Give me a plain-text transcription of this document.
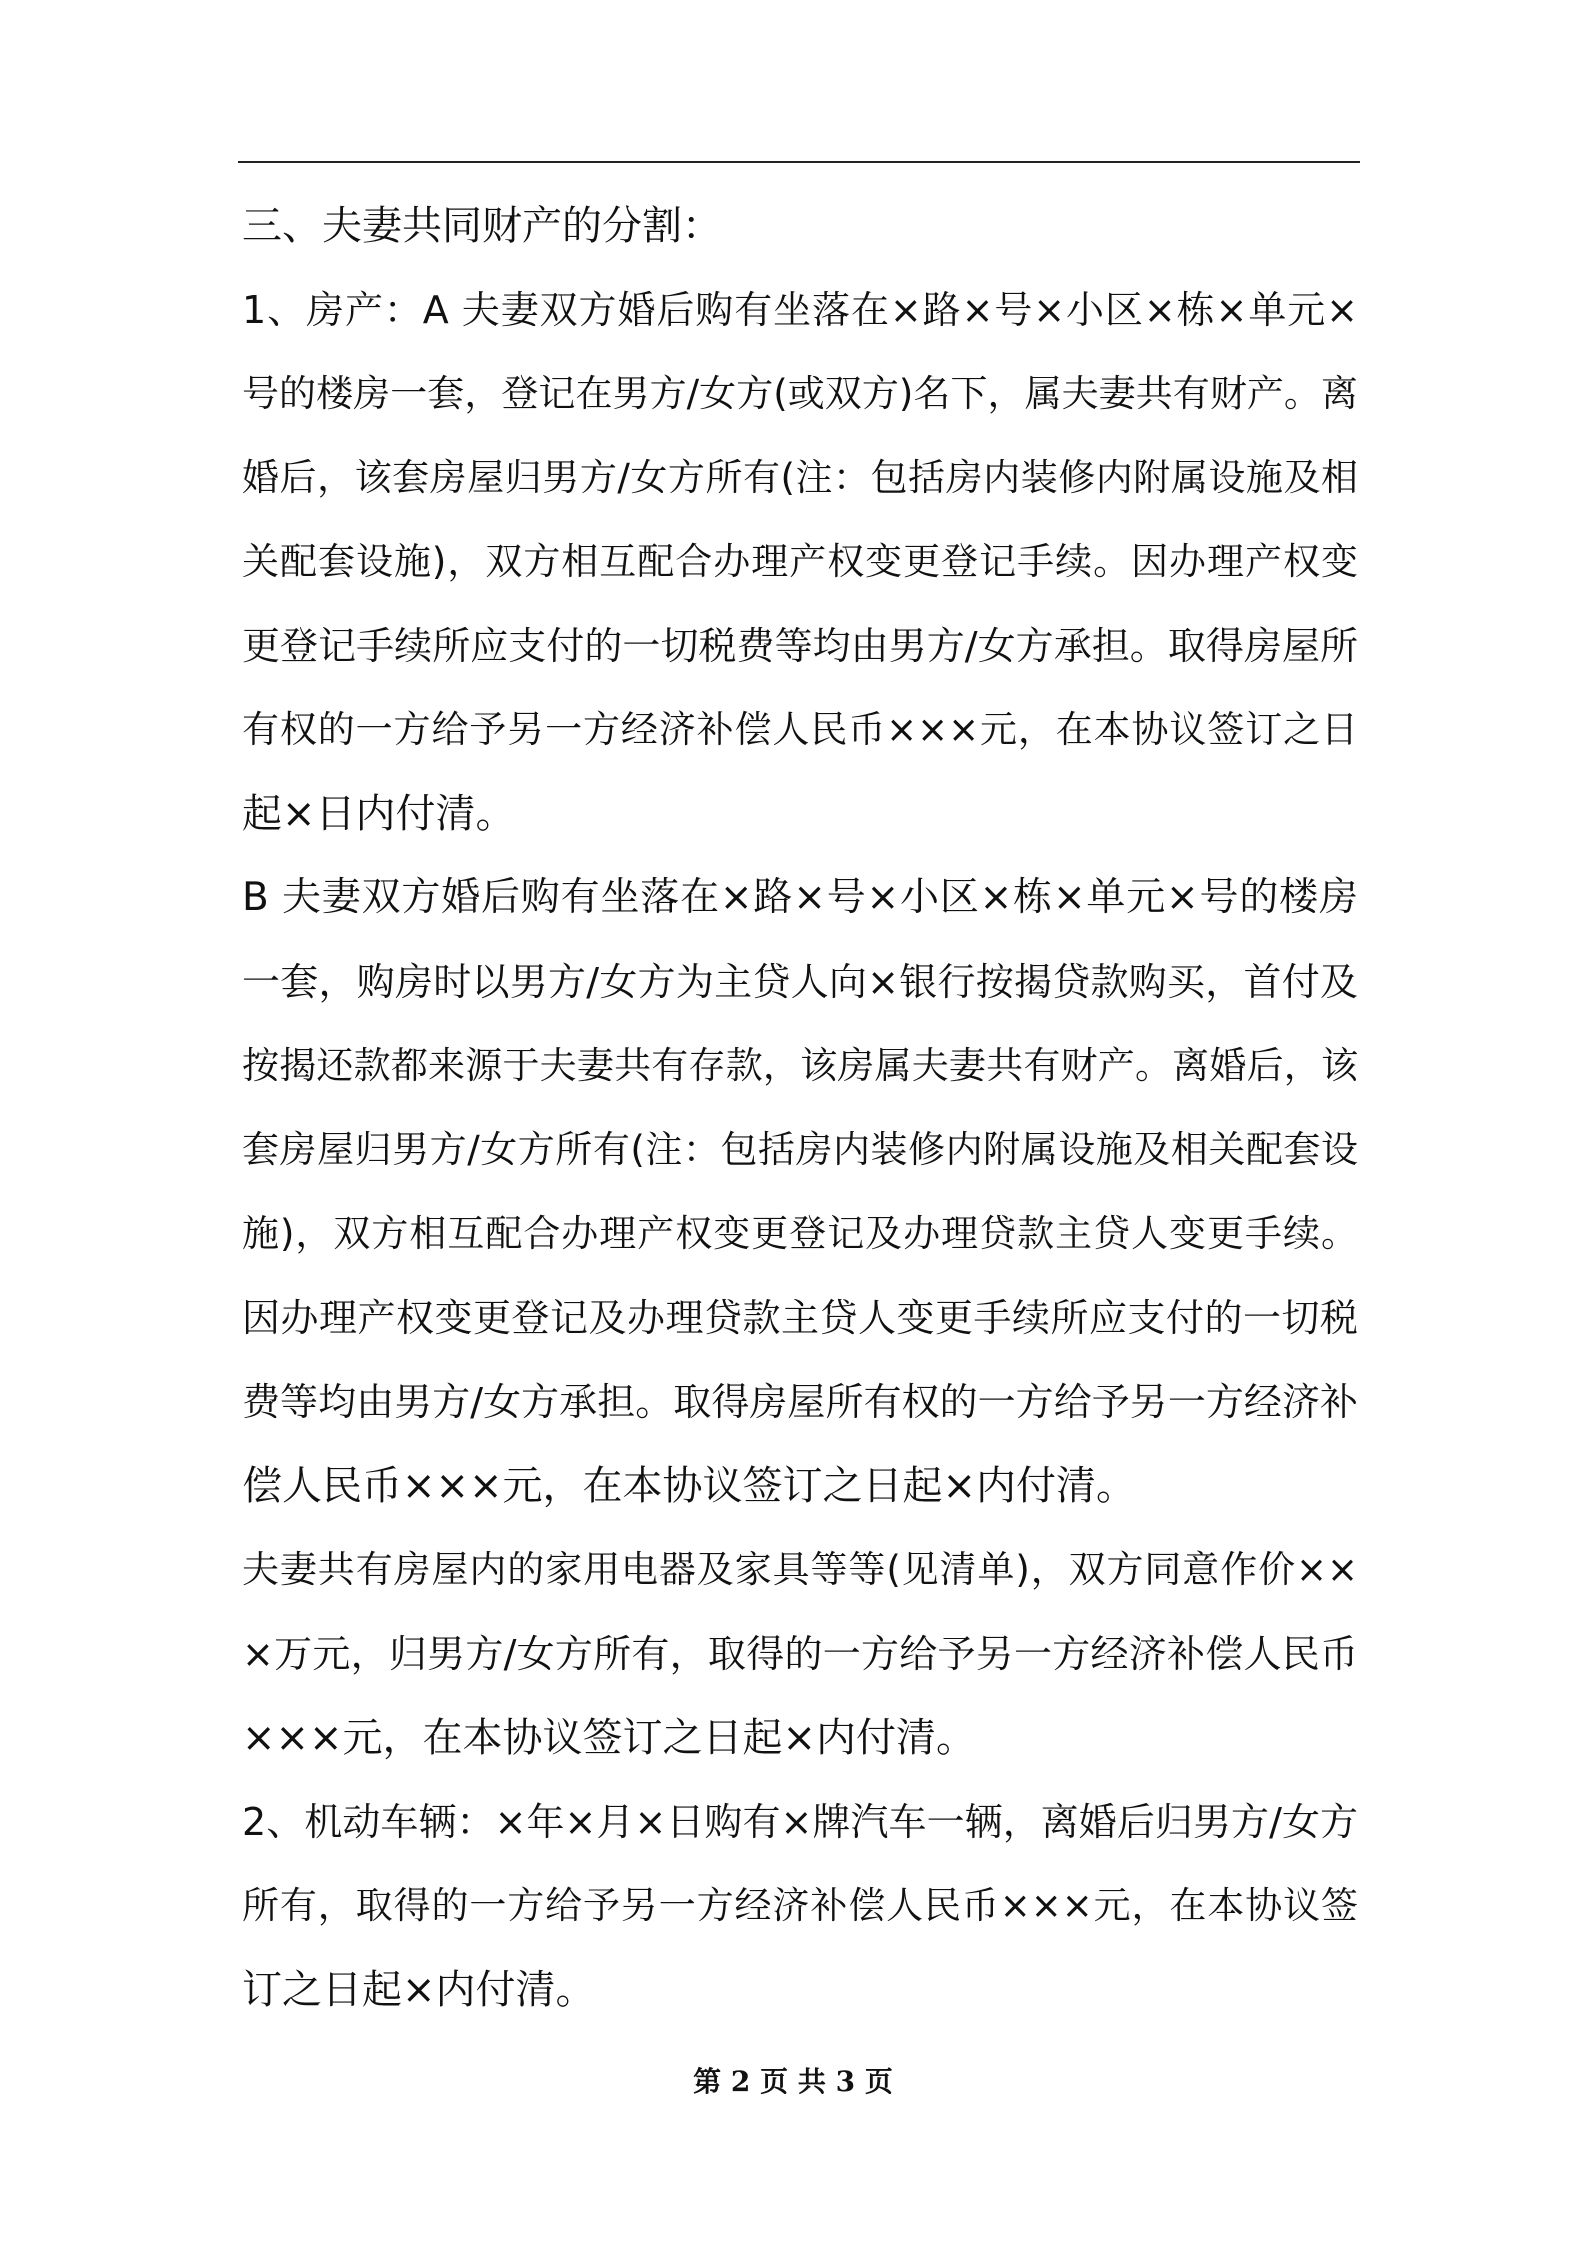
三、夫妻共同财产的分割：
1、房产：A 夫妻双方婚后购有坐落在×路×号×小区×栋×单元×
号的楼房一套，登记在男方/女方(或双方)名下，属夫妻共有财产。离
婚后，该套房屋归男方/女方所有(注：包括房内装修内附属设施及相
关配套设施)，双方相互配合办理产权变更登记手续。因办理产权变
更登记手续所应支付的一切税费等均由男方/女方承担。取得房屋所
有权的一方给予另一方经济补偿人民币×××元，在本协议签订之日
起×日内付清。
B 夫妻双方婚后购有坐落在×路×号×小区×栋×单元×号的楼房
一套，购房时以男方/女方为主贷人向×银行按揭贷款购买，首付及
按揭还款都来源于夫妻共有存款，该房属夫妻共有财产。离婚后，该
套房屋归男方/女方所有(注：包括房内装修内附属设施及相关配套设
施)，双方相互配合办理产权变更登记及办理贷款主贷人变更手续。
因办理产权变更登记及办理贷款主贷人变更手续所应支付的一切税
费等均由男方/女方承担。取得房屋所有权的一方给予另一方经济补
偿人民币×××元，在本协议签订之日起×内付清。
夫妻共有房屋内的家用电器及家具等等(见清单)，双方同意作价××
×万元，归男方/女方所有，取得的一方给予另一方经济补偿人民币
×××元，在本协议签订之日起×内付清。
2、机动车辆：×年×月×日购有×牌汽车一辆，离婚后归男方/女方
所有，取得的一方给予另一方经济补偿人民币×××元，在本协议签
订之日起×内付清。
第 2 页 共 3 页
